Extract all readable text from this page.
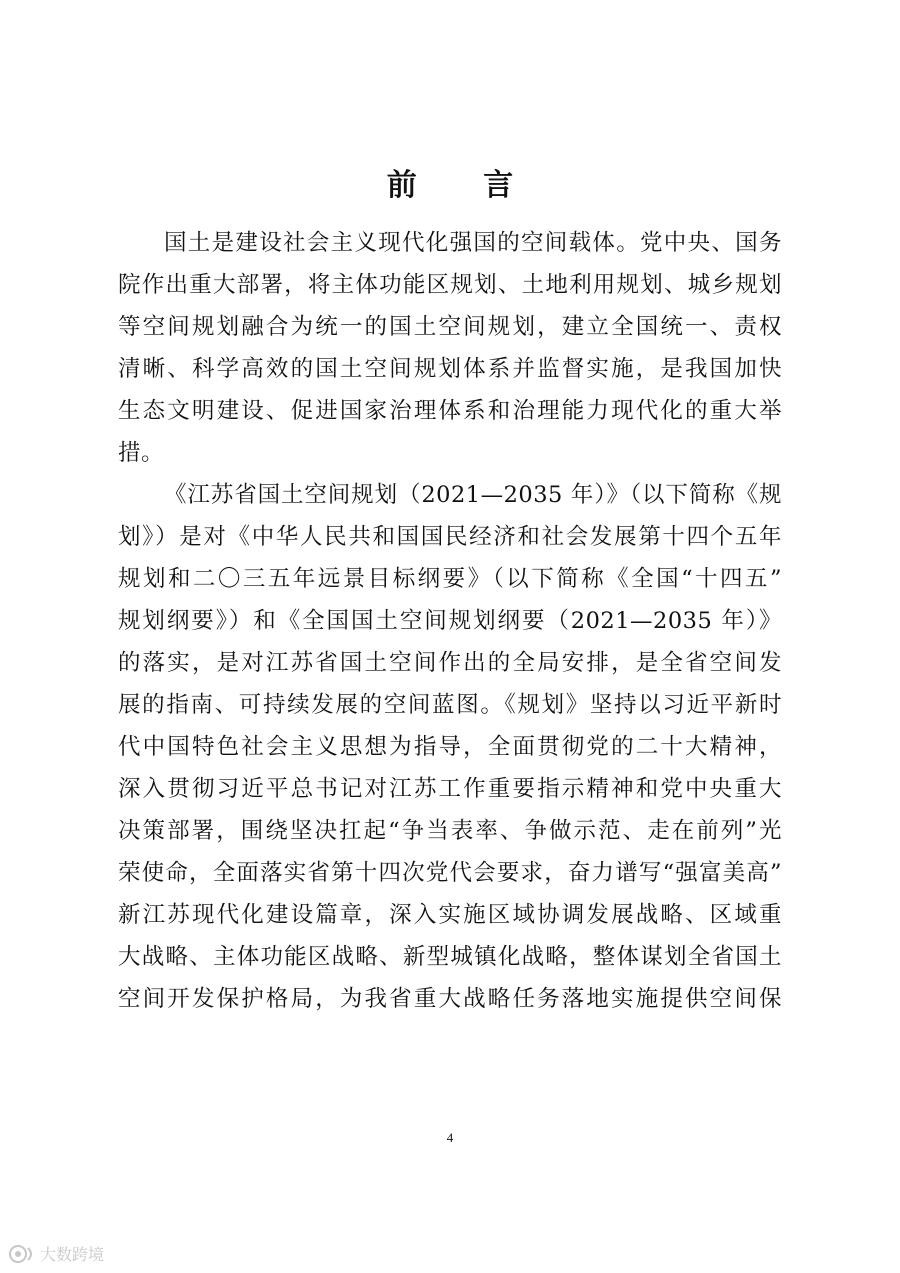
前 言
国土是建设社会主义现代化强国的空间载体。党中央、国务
院作出重大部署，将主体功能区规划、土地利用规划、城乡规划
等空间规划融合为统一的国土空间规划，建立全国统一、责权
清晰、科学高效的国土空间规划体系并监督实施，是我国加快
生态文明建设、促进国家治理体系和治理能力现代化的重大举
措。
《江苏省国土空间规划（2021—2035 年）》（以下简称《规
划》）是对《中华人民共和国国民经济和社会发展第十四个五年
规划和二〇三五年远景目标纲要》（以下简称《全国“十四五”
规划纲要》）和《全国国土空间规划纲要（2021—2035 年）》
的落实，是对江苏省国土空间作出的全局安排，是全省空间发
展的指南、可持续发展的空间蓝图。《规划》坚持以习近平新时
代中国特色社会主义思想为指导，全面贯彻党的二十大精神，
深入贯彻习近平总书记对江苏工作重要指示精神和党中央重大
决策部署，围绕坚决扛起“争当表率、争做示范、走在前列”光
荣使命，全面落实省第十四次党代会要求，奋力谱写“强富美高”
新江苏现代化建设篇章，深入实施区域协调发展战略、区域重
大战略、主体功能区战略、新型城镇化战略，整体谋划全省国土
空间开发保护格局，为我省重大战略任务落地实施提供空间保
4
大数跨境
